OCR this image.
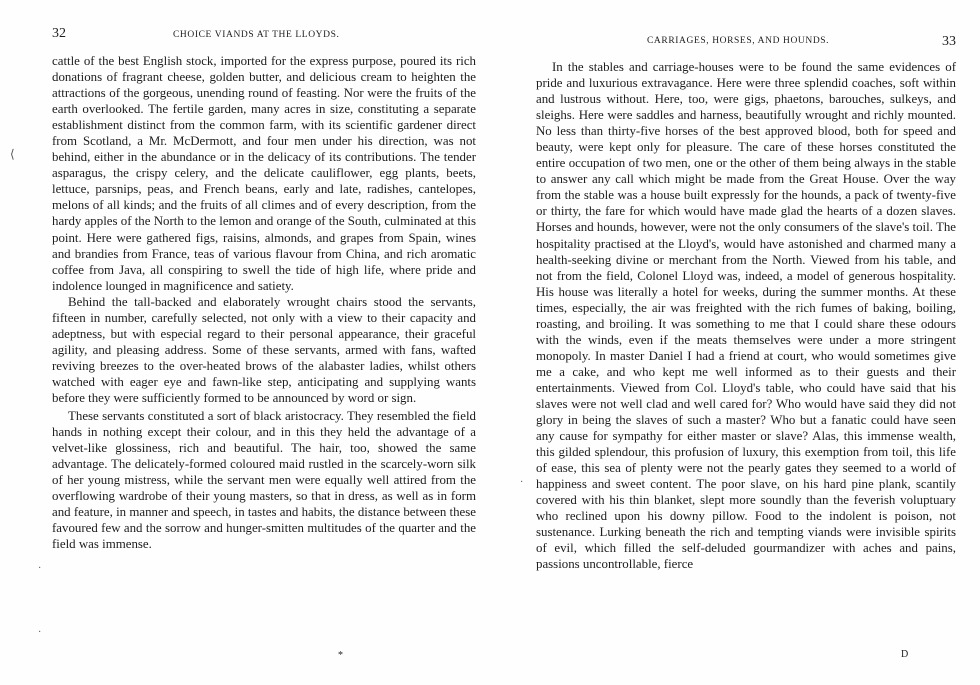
32	CHOICE VIANDS AT THE LLOYDS.

cattle of the best English stock, imported for the express purpose, poured its rich donations of fragrant cheese, golden butter, and delicious cream to heighten the attractions of the gorgeous, unending round of feasting. Nor were the fruits of the earth overlooked. The fertile garden, many acres in size, constituting a separate establishment distinct from the common farm, with its scientific gardener direct from Scotland, a Mr. McDermott, and four men under his direction, was not behind, either in the abundance or in the delicacy of its contributions. The tender asparagus, the crispy celery, and the delicate cauliflower, egg plants, beets, lettuce, parsnips, peas, and French beans, early and late, radishes, cantelopes, melons of all kinds; and the fruits of all climes and of every description, from the hardy apples of the North to the lemon and orange of the South, culminated at this point. Here were gathered figs, raisins, almonds, and grapes from Spain, wines and brandies from France, teas of various flavour from China, and rich aromatic coffee from Java, all conspiring to swell the tide of high life, where pride and indolence lounged in magnificence and satiety.

Behind the tall-backed and elaborately wrought chairs stood the servants, fifteen in number, carefully selected, not only with a view to their capacity and adeptness, but with especial regard to their personal appearance, their graceful agility, and pleasing address. Some of these servants, armed with fans, wafted reviving breezes to the over-heated brows of the alabaster ladies, whilst others watched with eager eye and fawn-like step, anticipating and supplying wants before they were sufficiently formed to be announced by word or sign.

These servants constituted a sort of black aristocracy. They resembled the field hands in nothing except their colour, and in this they held the advantage of a velvet-like glossiness, rich and beautiful. The hair, too, showed the same advantage. The delicately-formed coloured maid rustled in the scarcely-worn silk of her young mistress, while the servant men were equally well attired from the overflowing wardrobe of their young masters, so that in dress, as well as in form and feature, in manner and speech, in tastes and habits, the distance between these favoured few and the sorrow and hunger-smitten multitudes of the quarter and the field was immense.

*
CARRIAGES, HORSES, AND HOUNDS.	33

In the stables and carriage-houses were to be found the same evidences of pride and luxurious extravagance. Here were three splendid coaches, soft within and lustrous without. Here, too, were gigs, phaetons, barouches, sulkeys, and sleighs. Here were saddles and harness, beautifully wrought and richly mounted. No less than thirty-five horses of the best approved blood, both for speed and beauty, were kept only for pleasure. The care of these horses constituted the entire occupation of two men, one or the other of them being always in the stable to answer any call which might be made from the Great House. Over the way from the stable was a house built expressly for the hounds, a pack of twenty-five or thirty, the fare for which would have made glad the hearts of a dozen slaves. Horses and hounds, however, were not the only consumers of the slave's toil. The hospitality practised at the Lloyd's, would have astonished and charmed many a health-seeking divine or merchant from the North. Viewed from his table, and not from the field, Colonel Lloyd was, indeed, a model of generous hospitality. His house was literally a hotel for weeks, during the summer months. At these times, especially, the air was freighted with the rich fumes of baking, boiling, roasting, and broiling. It was something to me that I could share these odours with the winds, even if the meats themselves were under a more stringent monopoly. In master Daniel I had a friend at court, who would sometimes give me a cake, and who kept me well informed as to their guests and their entertainments. Viewed from Col. Lloyd's table, who could have said that his slaves were not well clad and well cared for? Who would have said they did not glory in being the slaves of such a master? Who but a fanatic could have seen any cause for sympathy for either master or slave? Alas, this immense wealth, this gilded splendour, this profusion of luxury, this exemption from toil, this life of ease, this sea of plenty were not the pearly gates they seemed to a world of happiness and sweet content. The poor slave, on his hard pine plank, scantily covered with his thin blanket, slept more soundly than the feverish voluptuary who reclined upon his downy pillow. Food to the indolent is poison, not sustenance. Lurking beneath the rich and tempting viands were invisible spirits of evil, which filled the self-deluded gourmandizer with aches and pains, passions uncontrollable, fierce

D
⟨
·
·
·
